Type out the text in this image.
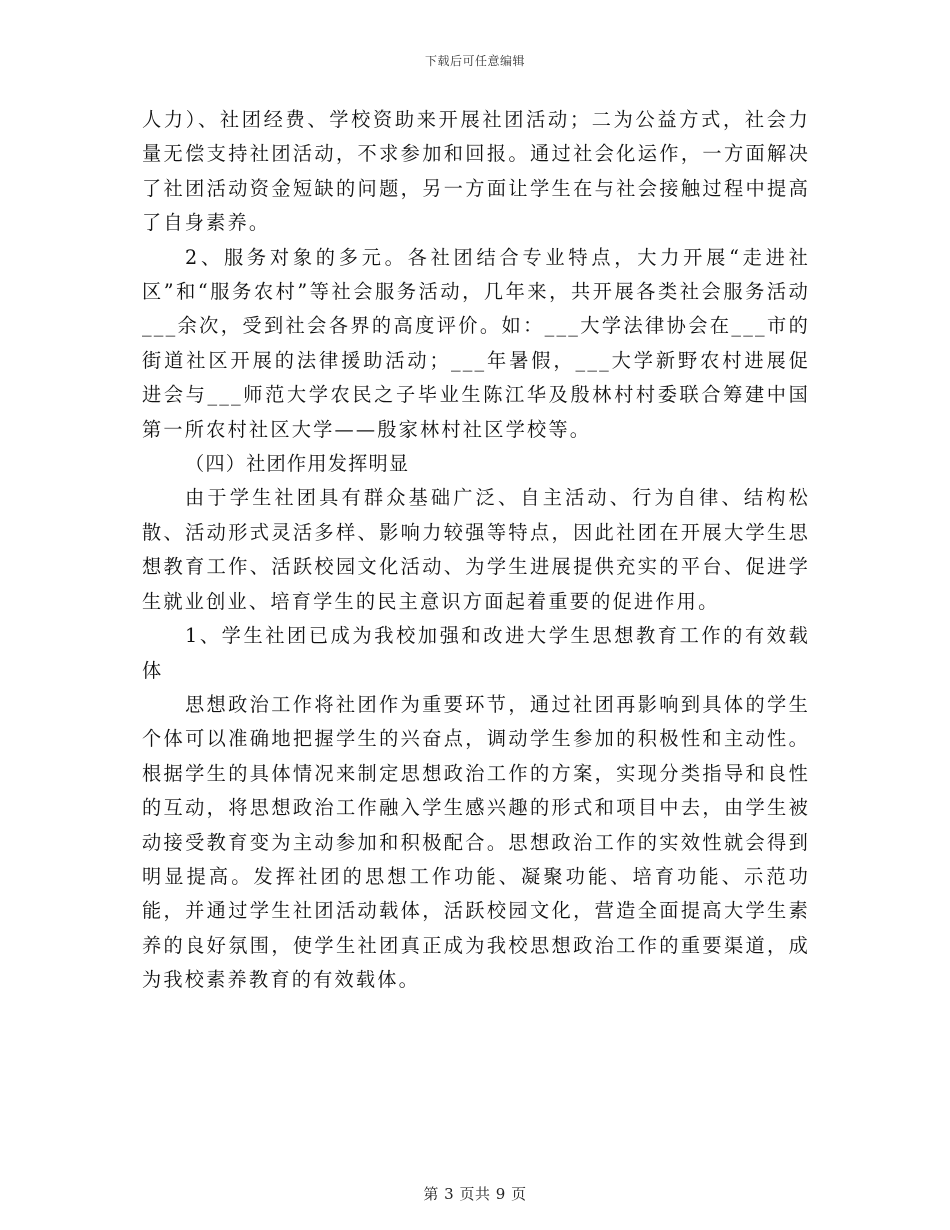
下载后可任意编辑

人力）、社团经费、学校资助来开展社团活动；二为公益方式，社会力量无偿支持社团活动，不求参加和回报。通过社会化运作，一方面解决了社团活动资金短缺的问题，另一方面让学生在与社会接触过程中提高了自身素养。

2、服务对象的多元。各社团结合专业特点，大力开展“走进社区”和“服务农村”等社会服务活动，几年来，共开展各类社会服务活动___余次，受到社会各界的高度评价。如：___大学法律协会在___市的街道社区开展的法律援助活动；___年暑假，___大学新野农村进展促进会与___师范大学农民之子毕业生陈江华及殷林村村委联合筹建中国第一所农村社区大学——殷家林村社区学校等。

（四）社团作用发挥明显

由于学生社团具有群众基础广泛、自主活动、行为自律、结构松散、活动形式灵活多样、影响力较强等特点，因此社团在开展大学生思想教育工作、活跃校园文化活动、为学生进展提供充实的平台、促进学生就业创业、培育学生的民主意识方面起着重要的促进作用。

1、学生社团已成为我校加强和改进大学生思想教育工作的有效载体

思想政治工作将社团作为重要环节，通过社团再影响到具体的学生个体可以准确地把握学生的兴奋点，调动学生参加的积极性和主动性。根据学生的具体情况来制定思想政治工作的方案，实现分类指导和良性的互动，将思想政治工作融入学生感兴趣的形式和项目中去，由学生被动接受教育变为主动参加和积极配合。思想政治工作的实效性就会得到明显提高。发挥社团的思想工作功能、凝聚功能、培育功能、示范功能，并通过学生社团活动载体，活跃校园文化，营造全面提高大学生素养的良好氛围，使学生社团真正成为我校思想政治工作的重要渠道，成为我校素养教育的有效载体。

第 3 页共 9 页
